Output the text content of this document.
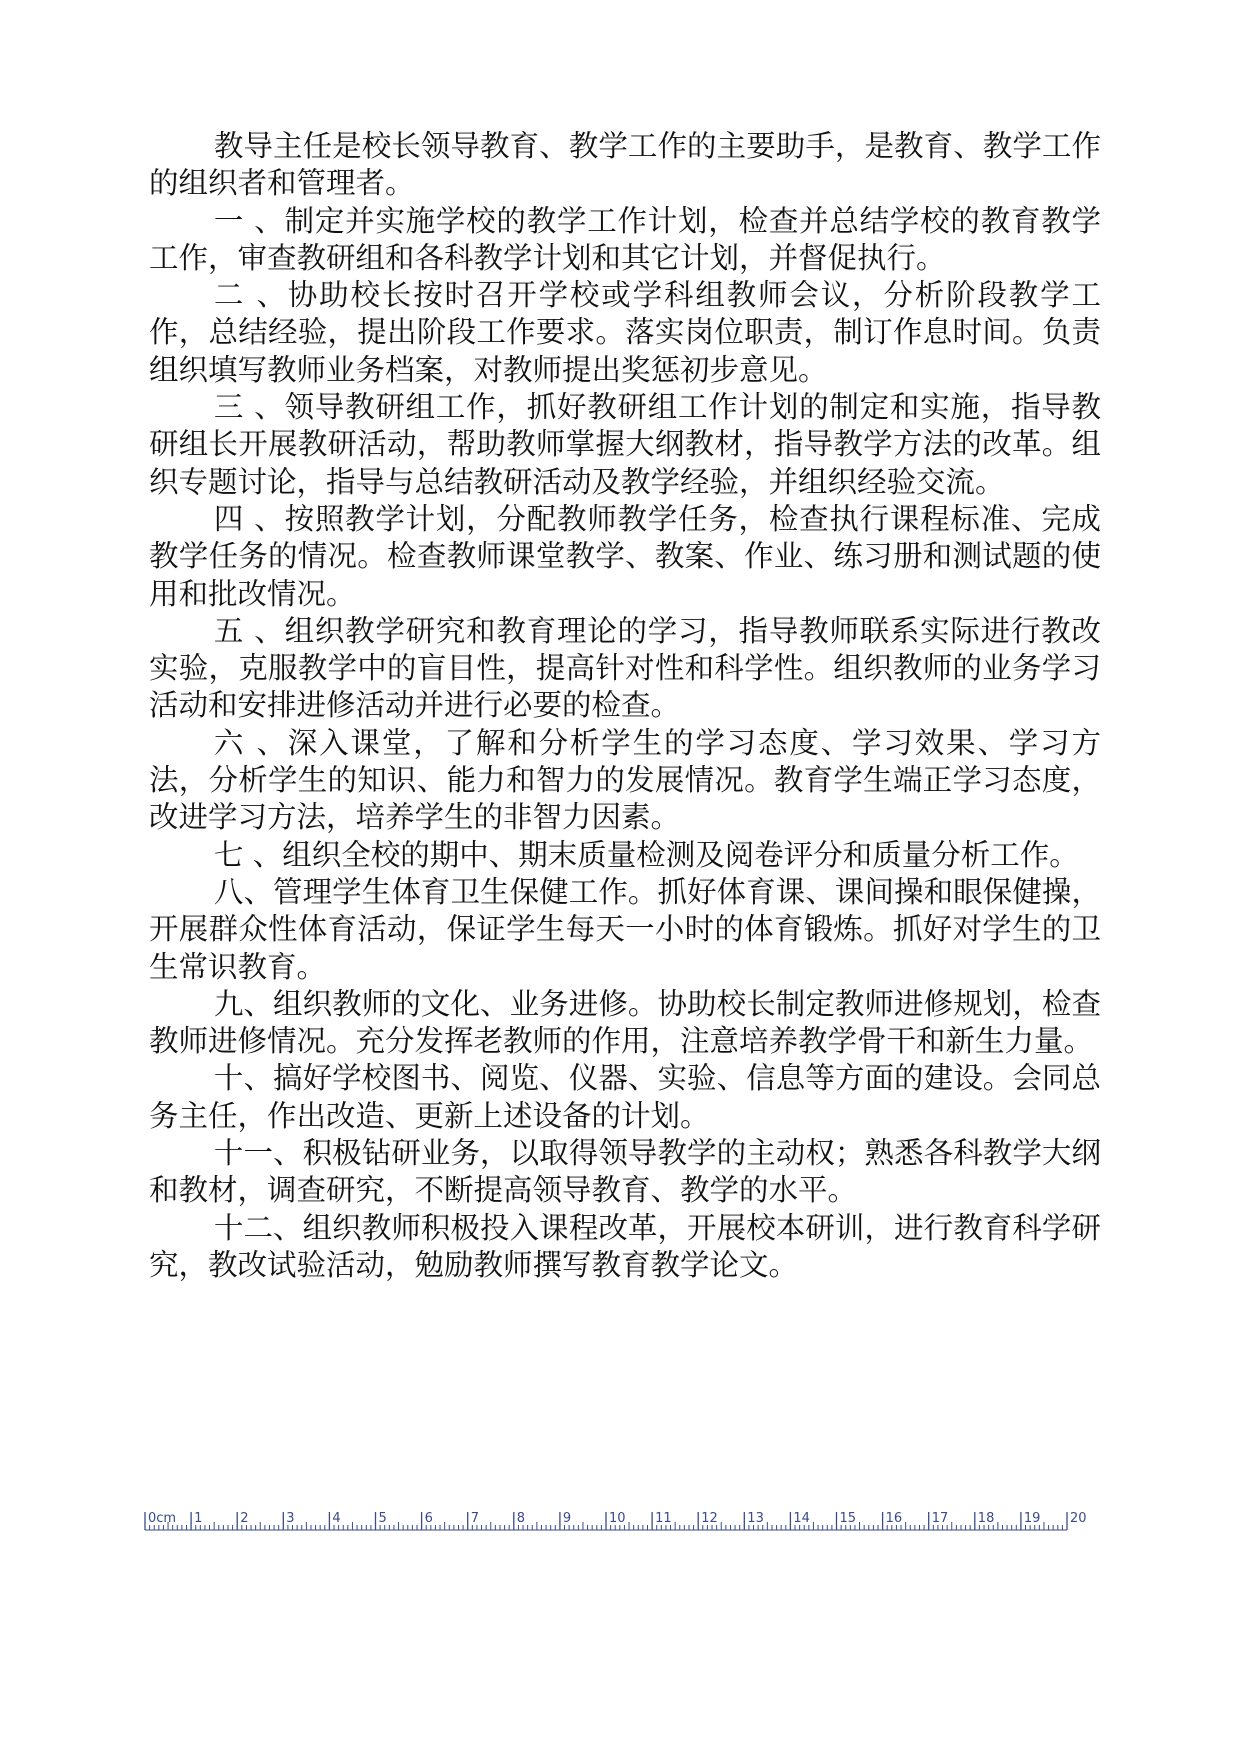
教导主任是校长领导教育、教学工作的主要助手，是教育、教学工作的组织者和管理者。

一 、制定并实施学校的教学工作计划，检查并总结学校的教育教学工作，审查教研组和各科教学计划和其它计划，并督促执行。

二 、协助校长按时召开学校或学科组教师会议，分析阶段教学工作，总结经验，提出阶段工作要求。落实岗位职责，制订作息时间。负责组织填写教师业务档案，对教师提出奖惩初步意见。

三 、领导教研组工作，抓好教研组工作计划的制定和实施，指导教研组长开展教研活动，帮助教师掌握大纲教材，指导教学方法的改革。组织专题讨论，指导与总结教研活动及教学经验，并组织经验交流。

四 、按照教学计划，分配教师教学任务，检查执行课程标准、完成教学任务的情况。检查教师课堂教学、教案、作业、练习册和测试题的使用和批改情况。

五 、组织教学研究和教育理论的学习，指导教师联系实际进行教改实验，克服教学中的盲目性，提高针对性和科学性。组织教师的业务学习活动和安排进修活动并进行必要的检查。

六 、深入课堂，了解和分析学生的学习态度、学习效果、学习方法，分析学生的知识、能力和智力的发展情况。教育学生端正学习态度，改进学习方法，培养学生的非智力因素。

七 、组织全校的期中、期末质量检测及阅卷评分和质量分析工作。

八、管理学生体育卫生保健工作。抓好体育课、课间操和眼保健操，开展群众性体育活动，保证学生每天一小时的体育锻炼。抓好对学生的卫生常识教育。

九、组织教师的文化、业务进修。协助校长制定教师进修规划，检查教师进修情况。充分发挥老教师的作用，注意培养教学骨干和新生力量。

十、搞好学校图书、阅览、仪器、实验、信息等方面的建设。会同总务主任，作出改造、更新上述设备的计划。

十一、积极钻研业务，以取得领导教学的主动权；熟悉各科教学大纲和教材，调查研究，不断提高领导教育、教学的水平。

十二、组织教师积极投入课程改革，开展校本研训，进行教育科学研究，教改试验活动，勉励教师撰写教育教学论文。

0cm 1	2	3	4	5	6	7	8	9	10 11 12 13 14 15 16 17 18 19 20
